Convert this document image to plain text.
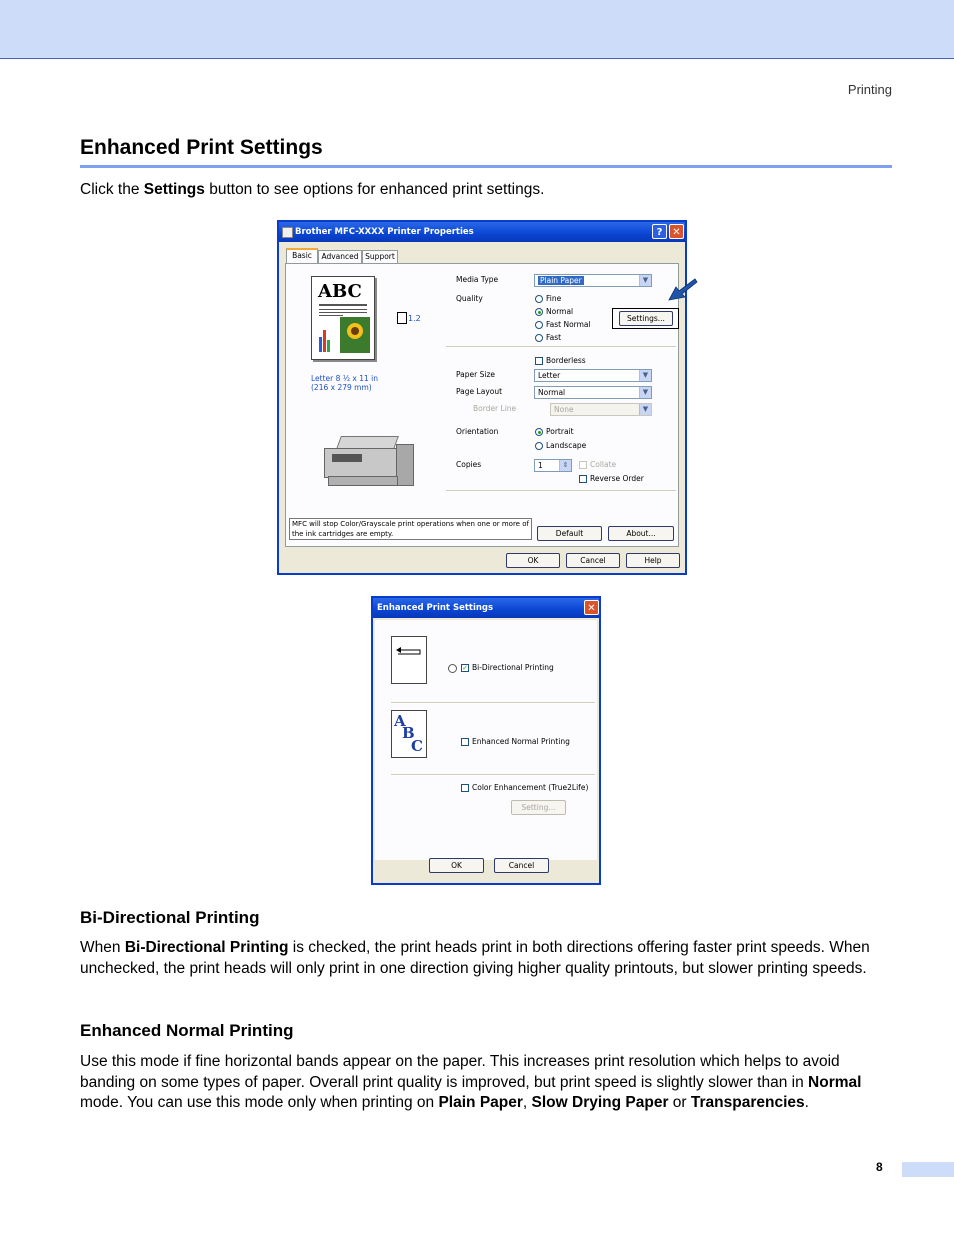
Printing
Enhanced Print Settings
Click the Settings button to see options for enhanced print settings.
Brother MFC-XXXX Printer Properties	? ✕
Basic	Advanced Support
ABC
1.2
Letter 8 ½ x 11 in
(216 x 279 mm)
Media Type	Plain Paper	▼
Quality	Fine
Normal
Fast Normal
Fast
Settings...
Borderless
Paper Size	Letter	▼
Page Layout	Normal	▼
Border Line	None	▼
Orientation	Portrait
Landscape
Copies	1	⇕	Collate
Reverse Order
MFC will stop Color/Grayscale print operations when one or more of the ink cartridges are empty.	Default	About...
OK	Cancel	Help
Enhanced Print Settings	✕
✓ Bi-Directional Printing
A
B
C	Enhanced Normal Printing
Color Enhancement (True2Life)
Setting...
OK	Cancel
Bi-Directional Printing
When Bi-Directional Printing is checked, the print heads print in both directions offering faster print speeds. When unchecked, the print heads will only print in one direction giving higher quality printouts, but slower printing speeds.
Enhanced Normal Printing
Use this mode if fine horizontal bands appear on the paper. This increases print resolution which helps to avoid banding on some types of paper. Overall print quality is improved, but print speed is slightly slower than in Normal mode. You can use this mode only when printing on Plain Paper, Slow Drying Paper or Transparencies.
8
